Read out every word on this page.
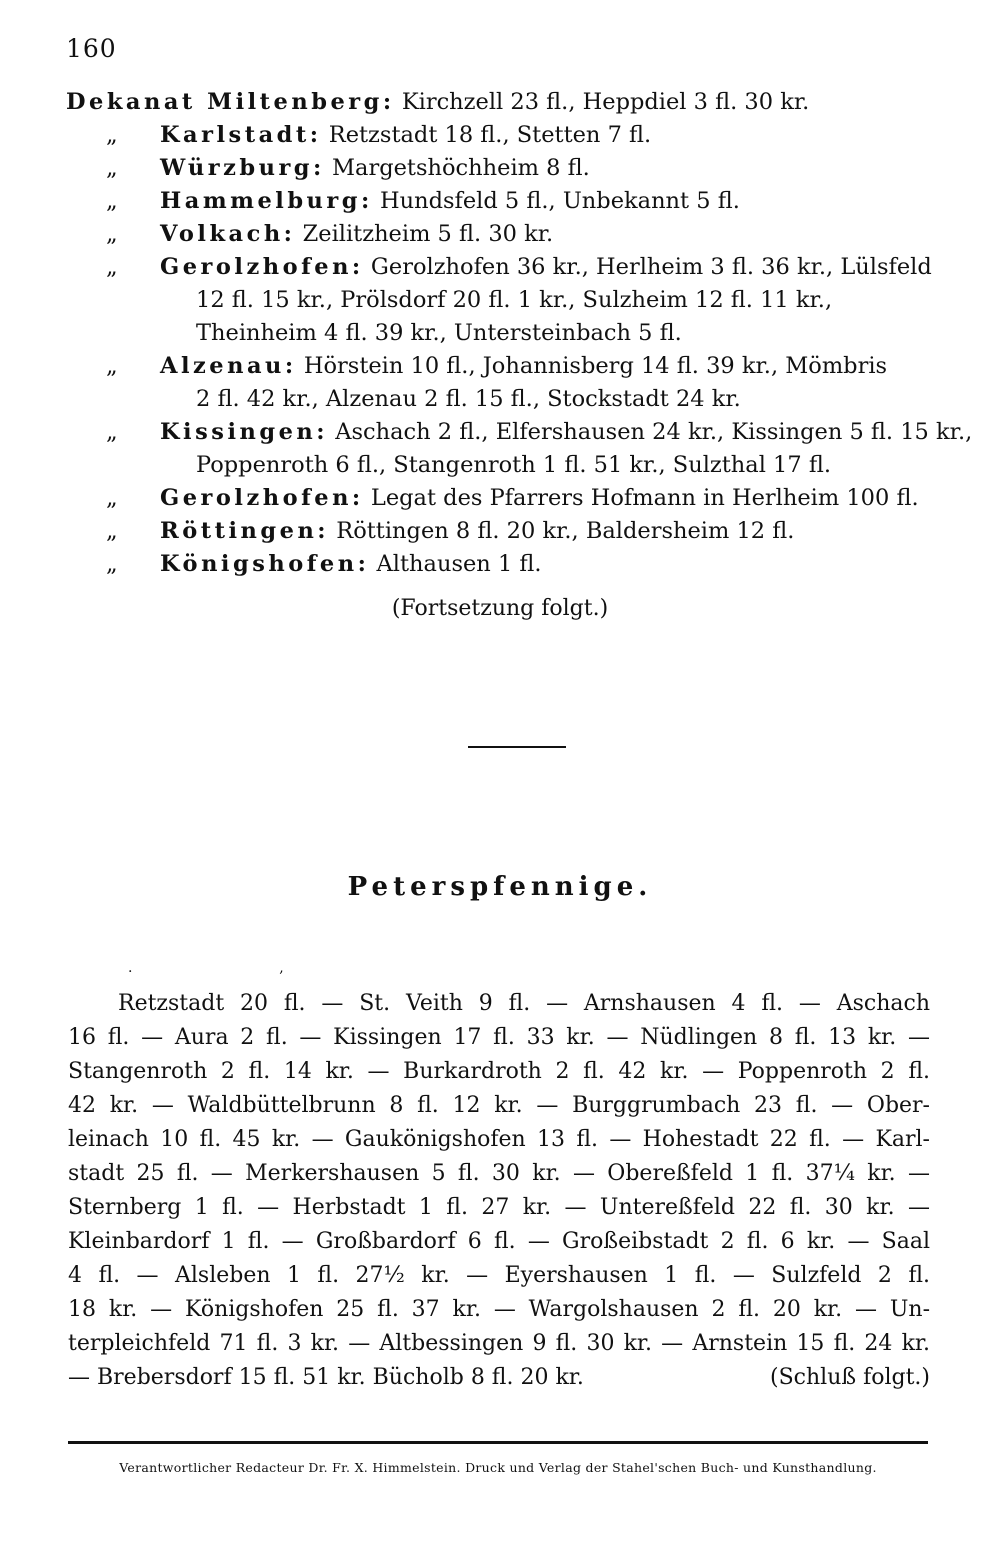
160
Dekanat Miltenberg: Kirchzell 23 fl., Heppdiel 3 fl. 30 kr.
„	Karlstadt: Retzstadt 18 fl., Stetten 7 fl.
„	Würzburg: Margetshöchheim 8 fl.
„	Hammelburg: Hundsfeld 5 fl., Unbekannt 5 fl.
„	Volkach: Zeilitzheim 5 fl. 30 kr.
„	Gerolzhofen: Gerolzhofen 36 kr., Herlheim 3 fl. 36 kr., Lülsfeld
12 fl. 15 kr., Prölsdorf 20 fl. 1 kr., Sulzheim 12 fl. 11 kr.,
Theinheim 4 fl. 39 kr., Untersteinbach 5 fl.
„	Alzenau: Hörstein 10 fl., Johannisberg 14 fl. 39 kr., Mömbris
2 fl. 42 kr., Alzenau 2 fl. 15 fl., Stockstadt 24 kr.
„	Kissingen: Aschach 2 fl., Elfershausen 24 kr., Kissingen 5 fl. 15 kr.,
Poppenroth 6 fl., Stangenroth 1 fl. 51 kr., Sulzthal 17 fl.
„	Gerolzhofen: Legat des Pfarrers Hofmann in Herlheim 100 fl.
„	Röttingen: Röttingen 8 fl. 20 kr., Baldersheim 12 fl.
„	Königshofen: Althausen 1 fl.
(Fortsetzung folgt.)
Peterspfennige.
.                                 ,
Retzstadt 20 fl. — St. Veith 9 fl. — Arnshausen 4 fl. — Aschach
16 fl. — Aura 2 fl. — Kissingen 17 fl. 33 kr. — Nüdlingen 8 fl. 13 kr. —
Stangenroth 2 fl. 14 kr. — Burkardroth 2 fl. 42 kr. — Poppenroth 2 fl.
42 kr. — Waldbüttelbrunn 8 fl. 12 kr. — Burggrumbach 23 fl. — Ober-
leinach 10 fl. 45 kr. — Gaukönigshofen 13 fl. — Hohestadt 22 fl. — Karl-
stadt 25 fl. — Merkershausen 5 fl. 30 kr. — Obereßfeld 1 fl. 37¼ kr. —
Sternberg 1 fl. — Herbstadt 1 fl. 27 kr. — Untereßfeld 22 fl. 30 kr. —
Kleinbardorf 1 fl. — Großbardorf 6 fl. — Großeibstadt 2 fl. 6 kr. — Saal
4 fl. — Alsleben 1 fl. 27½ kr. — Eyershausen 1 fl. — Sulzfeld 2 fl.
18 kr. — Königshofen 25 fl. 37 kr. — Wargolshausen 2 fl. 20 kr. — Un-
terpleichfeld 71 fl. 3 kr. — Altbessingen 9 fl. 30 kr. — Arnstein 15 fl. 24 kr.
— Brebersdorf 15 fl. 51 kr. Bücholb 8 fl. 20 kr.	(Schluß folgt.)
Verantwortlicher Redacteur Dr. Fr. X. Himmelstein. Druck und Verlag der Stahel'schen Buch- und Kunsthandlung.
